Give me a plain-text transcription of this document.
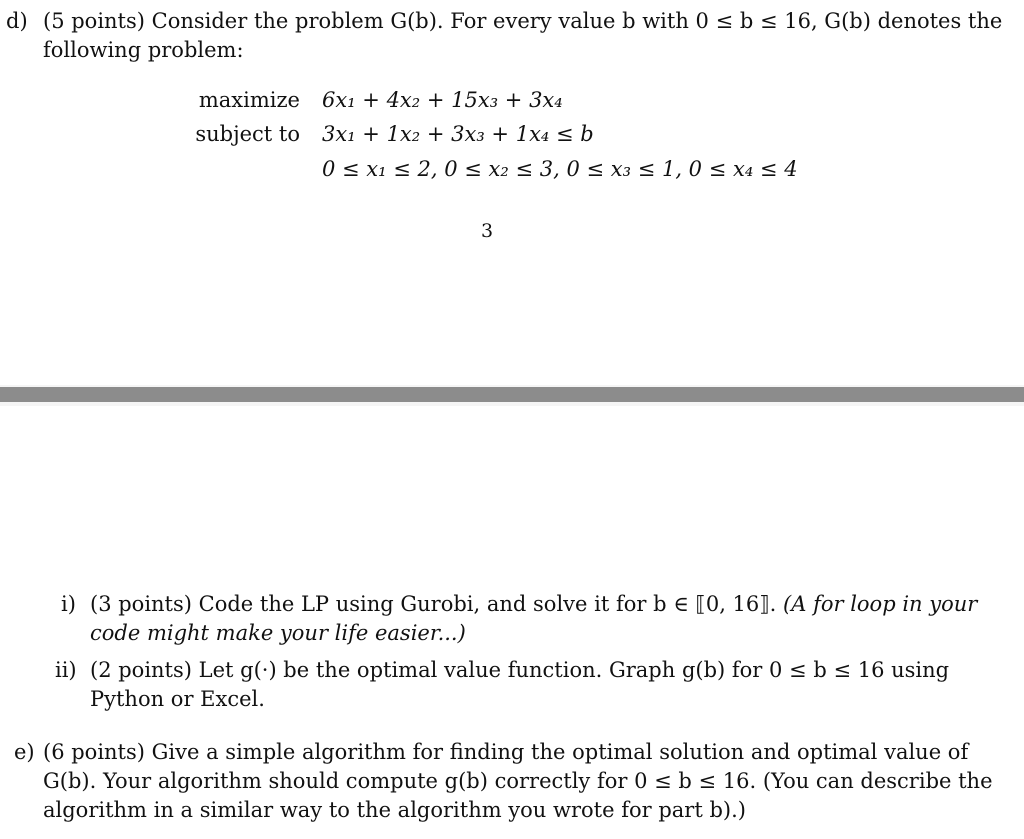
d) (5 points) Consider the problem G(b). For every value b with 0 ≤ b ≤ 16, G(b) denotes the
following problem:
maximize 6x₁ + 4x₂ + 15x₃ + 3x₄
subject to 3x₁ + 1x₂ + 3x₃ + 1x₄ ≤ b
0 ≤ x₁ ≤ 2, 0 ≤ x₂ ≤ 3, 0 ≤ x₃ ≤ 1, 0 ≤ x₄ ≤ 4
3
i) (3 points) Code the LP using Gurobi, and solve it for b ∈ ⟦0, 16⟧. (A for loop in your
code might make your life easier...)
ii) (2 points) Let g(·) be the optimal value function. Graph g(b) for 0 ≤ b ≤ 16 using
Python or Excel.
e) (6 points) Give a simple algorithm for finding the optimal solution and optimal value of
G(b). Your algorithm should compute g(b) correctly for 0 ≤ b ≤ 16. (You can describe the
algorithm in a similar way to the algorithm you wrote for part b).)
